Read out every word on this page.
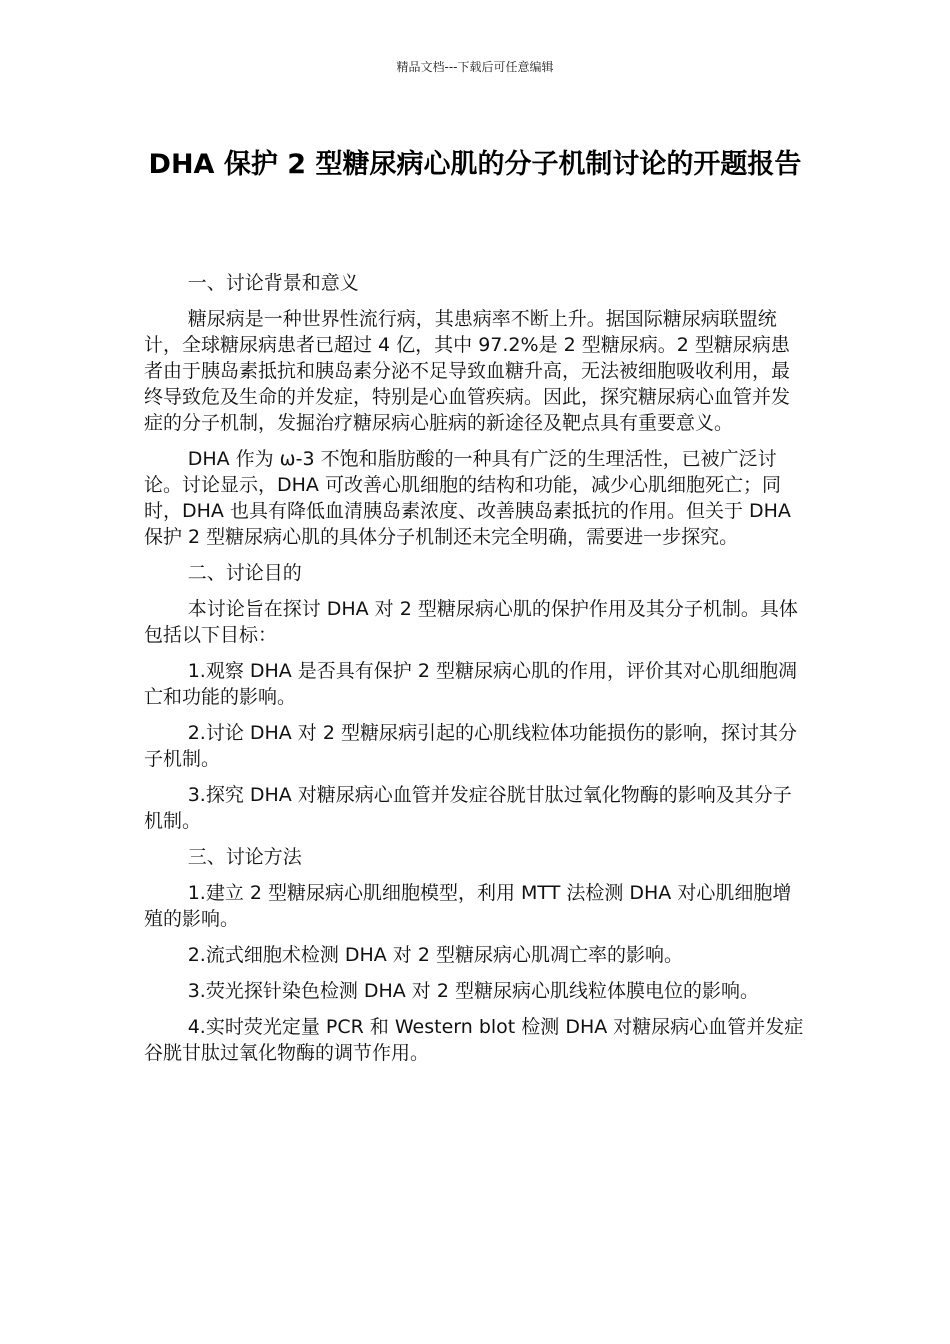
精品文档---下载后可任意编辑
DHA 保护 2 型糖尿病心肌的分子机制讨论的开题报告

一、讨论背景和意义

糖尿病是一种世界性流行病，其患病率不断上升。据国际糖尿病联盟统计，全球糖尿病患者已超过 4 亿，其中 97.2%是 2 型糖尿病。2 型糖尿病患者由于胰岛素抵抗和胰岛素分泌不足导致血糖升高，无法被细胞吸收利用，最终导致危及生命的并发症，特别是心血管疾病。因此，探究糖尿病心血管并发症的分子机制，发掘治疗糖尿病心脏病的新途径及靶点具有重要意义。

DHA 作为 ω-3 不饱和脂肪酸的一种具有广泛的生理活性，已被广泛讨论。讨论显示，DHA 可改善心肌细胞的结构和功能，减少心肌细胞死亡；同时，DHA 也具有降低血清胰岛素浓度、改善胰岛素抵抗的作用。但关于 DHA 保护 2 型糖尿病心肌的具体分子机制还未完全明确，需要进一步探究。

二、讨论目的

本讨论旨在探讨 DHA 对 2 型糖尿病心肌的保护作用及其分子机制。具体包括以下目标：

1.观察 DHA 是否具有保护 2 型糖尿病心肌的作用，评价其对心肌细胞凋亡和功能的影响。

2.讨论 DHA 对 2 型糖尿病引起的心肌线粒体功能损伤的影响，探讨其分子机制。

3.探究 DHA 对糖尿病心血管并发症谷胱甘肽过氧化物酶的影响及其分子机制。

三、讨论方法

1.建立 2 型糖尿病心肌细胞模型，利用 MTT 法检测 DHA 对心肌细胞增殖的影响。

2.流式细胞术检测 DHA 对 2 型糖尿病心肌凋亡率的影响。

3.荧光探针染色检测 DHA 对 2 型糖尿病心肌线粒体膜电位的影响。

4.实时荧光定量 PCR 和 Western blot 检测 DHA 对糖尿病心血管并发症谷胱甘肽过氧化物酶的调节作用。
